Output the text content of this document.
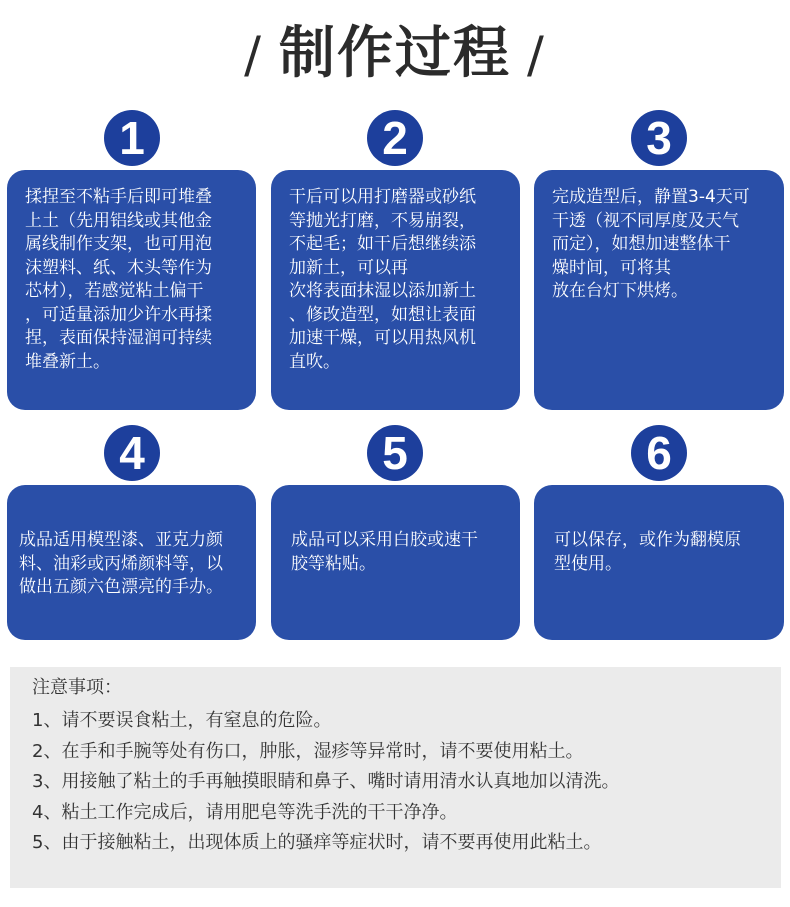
/ 制作过程 /
1
揉捏至不粘手后即可堆叠
上土（先用铝线或其他金
属线制作支架，也可用泡
沫塑料、纸、木头等作为
芯材），若感觉粘土偏干
，可适量添加少许水再揉
捏，表面保持湿润可持续
堆叠新土。
2
干后可以用打磨器或砂纸
等抛光打磨，不易崩裂，
不起毛；如干后想继续添
加新土，可以再
次将表面抹湿以添加新土
、修改造型，如想让表面
加速干燥，可以用热风机
直吹。
3
完成造型后，静置3-4天可
干透（视不同厚度及天气
而定），如想加速整体干
燥时间，可将其
放在台灯下烘烤。
4
成品适用模型漆、亚克力颜
料、油彩或丙烯颜料等，以
做出五颜六色漂亮的手办。
5
成品可以采用白胶或速干
胶等粘贴。
6
可以保存，或作为翻模原
型使用。
注意事项：
1、请不要误食粘土，有窒息的危险。
2、在手和手腕等处有伤口，肿胀，湿疹等异常时，请不要使用粘土。
3、用接触了粘土的手再触摸眼睛和鼻子、嘴时请用清水认真地加以清洗。
4、粘土工作完成后，请用肥皂等洗手洗的干干净净。
5、由于接触粘土，出现体质上的骚痒等症状时，请不要再使用此粘土。
